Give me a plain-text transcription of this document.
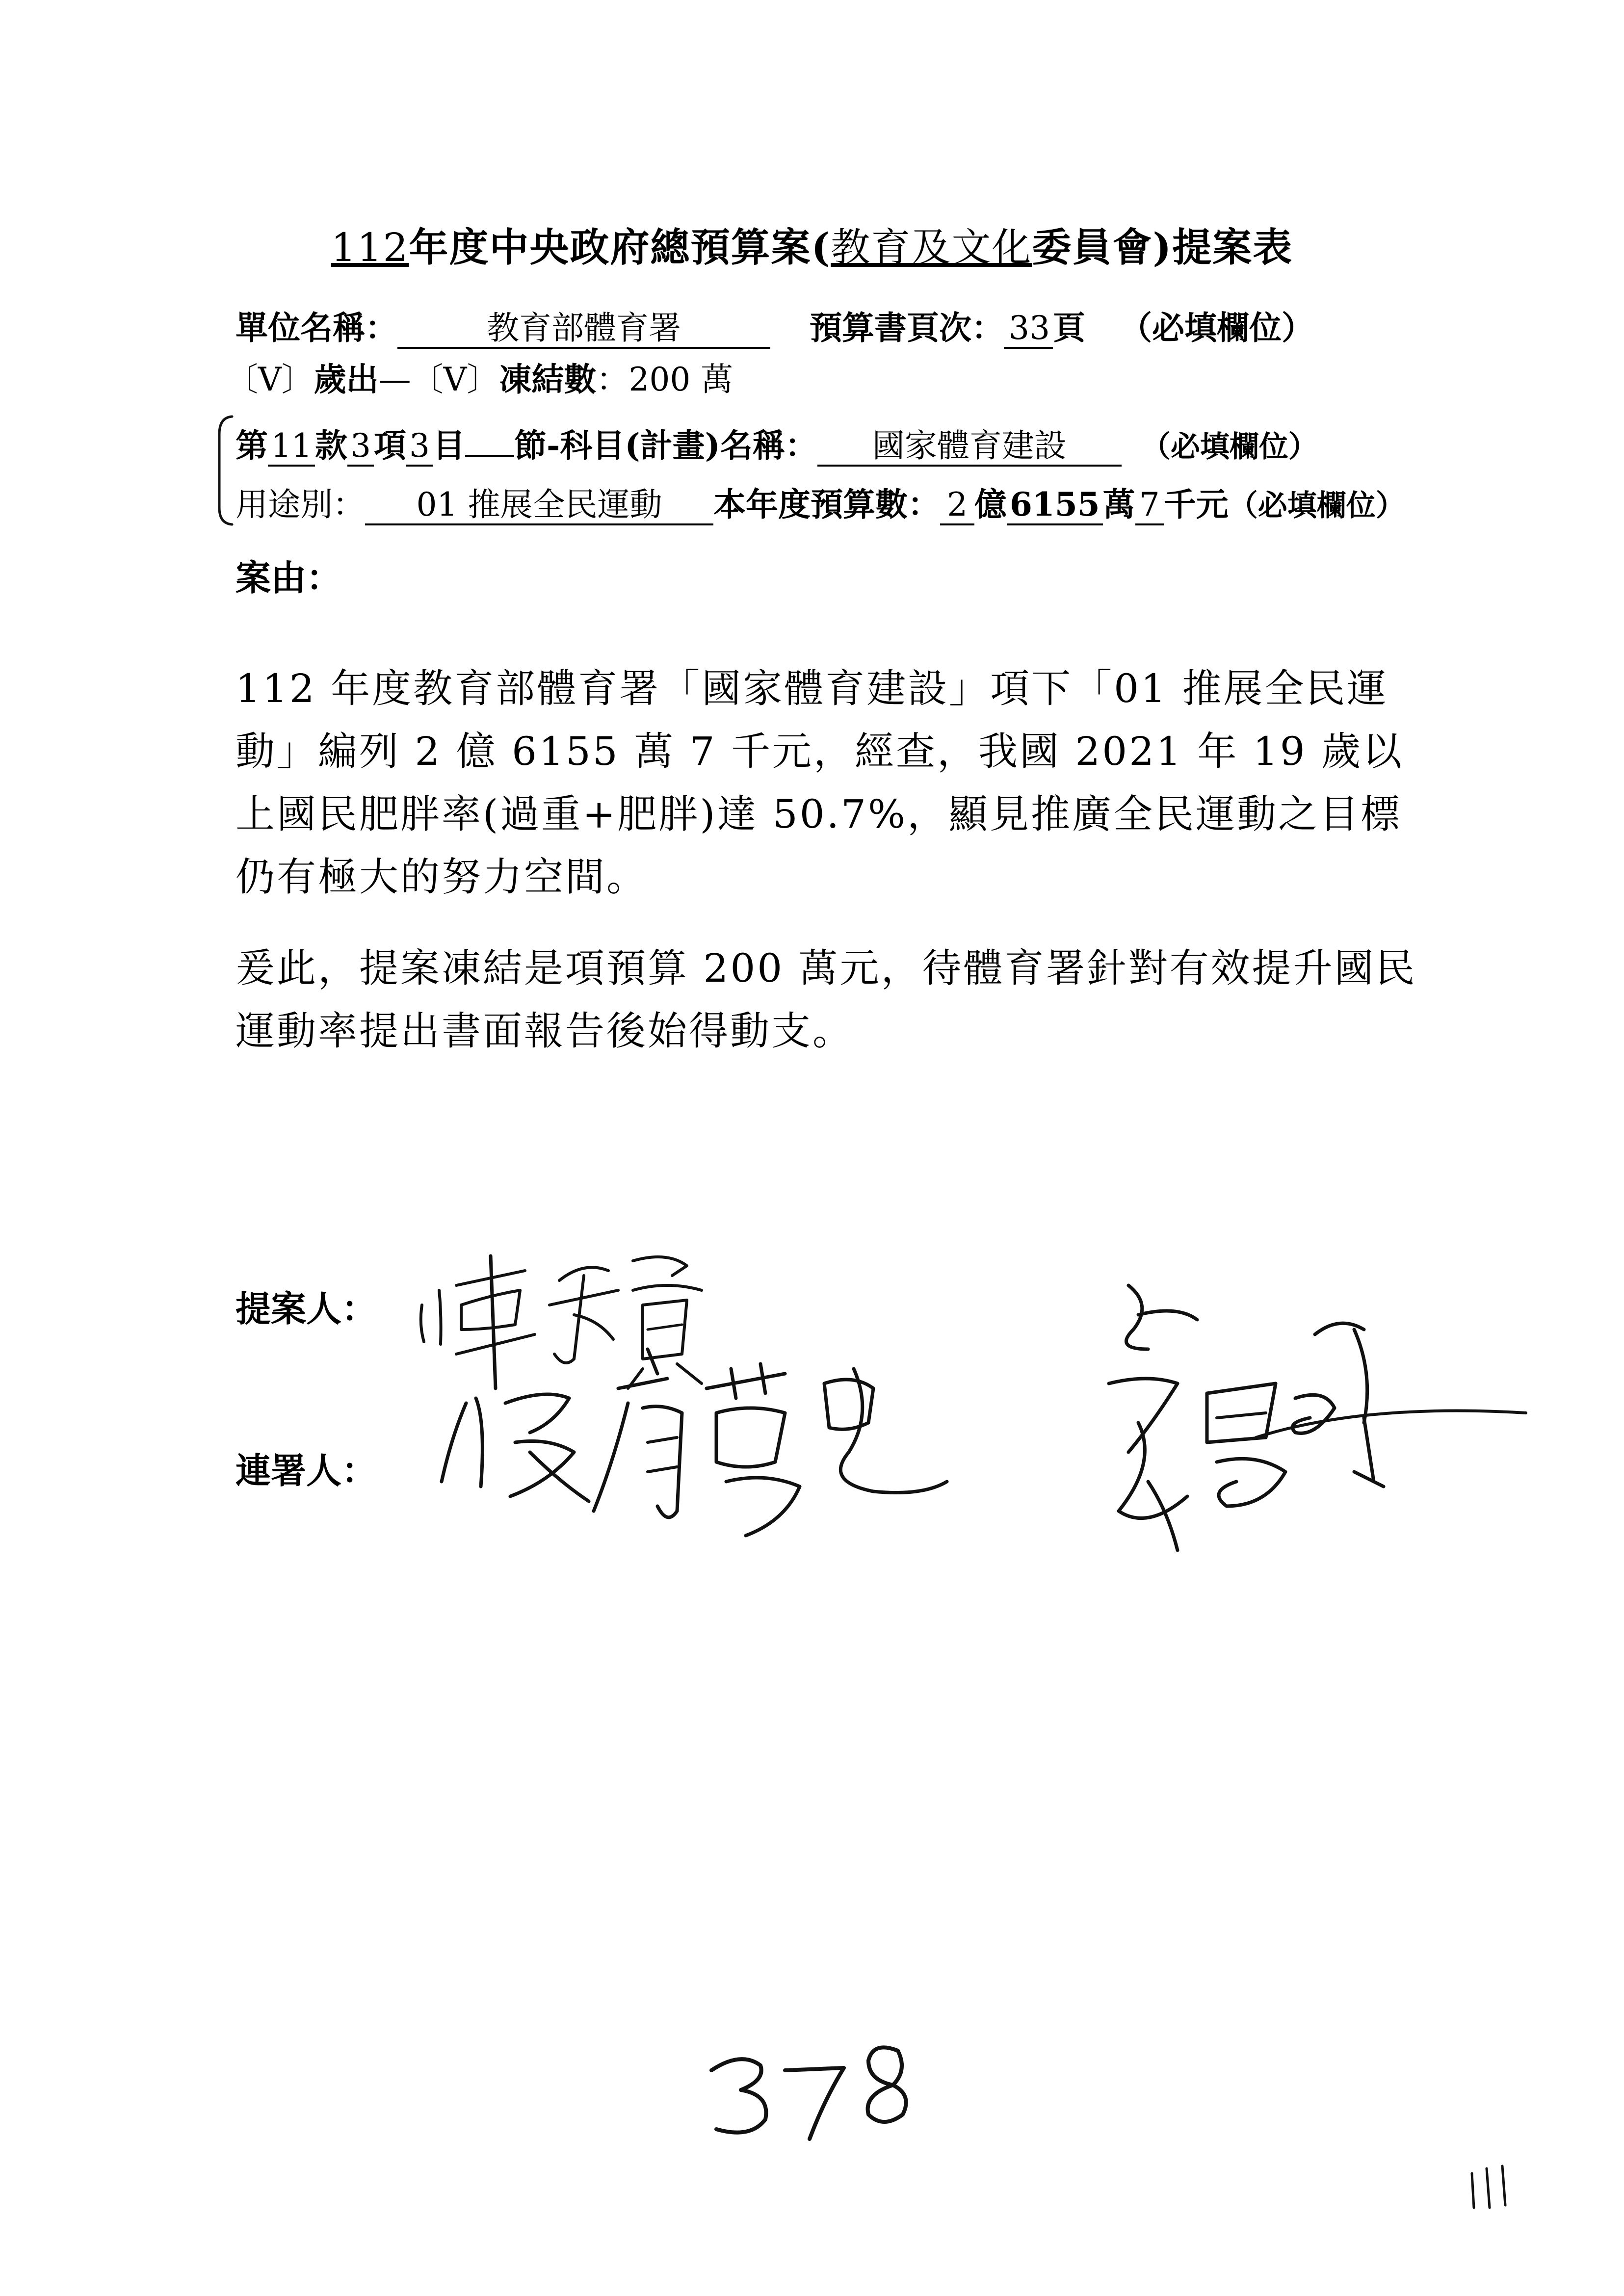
112年度中央政府總預算案(教育及文化委員會)提案表
單位名稱：	教育部體育署	預算書頁次： 33頁 （必填欄位）
〔V〕歲出—〔V〕凍結數：200 萬
第11款3項3目 節-科目(計畫)名稱： 國家體育建設	（必填欄位）
用途別： 01 推展全民運動 本年度預算數： 2 億6155萬 7 千元（必填欄位）
案由：
112 年度教育部體育署「國家體育建設」項下「01 推展全民運動」編列 2 億 6155 萬 7 千元，經查，我國 2021 年 19 歲以上國民肥胖率(過重+肥胖)達 50.7%，顯見推廣全民運動之目標仍有極大的努力空間。
爰此，提案凍結是項預算 200 萬元，待體育署針對有效提升國民運動率提出書面報告後始得動支。
提案人：
連署人：
